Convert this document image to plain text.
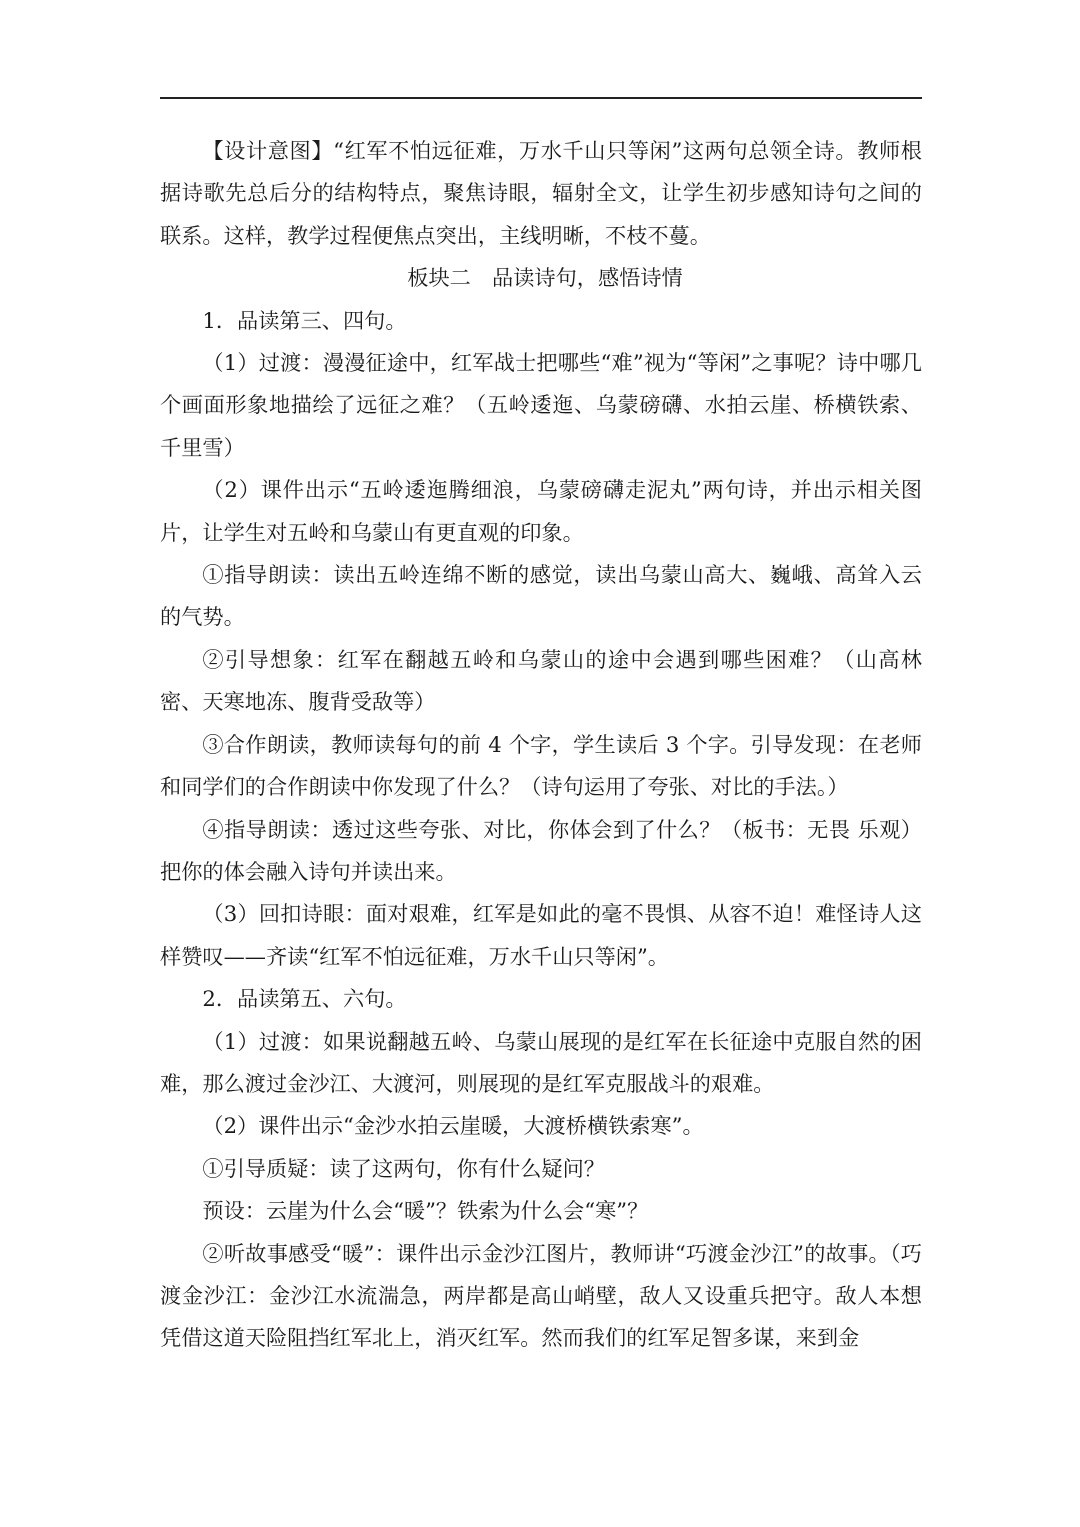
【设计意图】“红军不怕远征难，万水千山只等闲”这两句总领全诗。教师根据诗歌先总后分的结构特点，聚焦诗眼，辐射全文，让学生初步感知诗句之间的联系。这样，教学过程便焦点突出，主线明晰，不枝不蔓。

板块二　品读诗句，感悟诗情

1．品读第三、四句。

（1）过渡：漫漫征途中，红军战士把哪些“难”视为“等闲”之事呢？诗中哪几个画面形象地描绘了远征之难？（五岭逶迤、乌蒙磅礴、水拍云崖、桥横铁索、千里雪）

（2）课件出示“五岭逶迤腾细浪，乌蒙磅礴走泥丸”两句诗，并出示相关图片，让学生对五岭和乌蒙山有更直观的印象。

①指导朗读：读出五岭连绵不断的感觉，读出乌蒙山高大、巍峨、高耸入云的气势。

②引导想象：红军在翻越五岭和乌蒙山的途中会遇到哪些困难？（山高林密、天寒地冻、腹背受敌等）

③合作朗读，教师读每句的前 4 个字，学生读后 3 个字。引导发现：在老师和同学们的合作朗读中你发现了什么？（诗句运用了夸张、对比的手法。）

④指导朗读：透过这些夸张、对比，你体会到了什么？（板书：无畏 乐观）把你的体会融入诗句并读出来。

（3）回扣诗眼：面对艰难，红军是如此的毫不畏惧、从容不迫！难怪诗人这样赞叹——齐读“红军不怕远征难，万水千山只等闲”。

2．品读第五、六句。

（1）过渡：如果说翻越五岭、乌蒙山展现的是红军在长征途中克服自然的困难，那么渡过金沙江、大渡河，则展现的是红军克服战斗的艰难。

（2）课件出示“金沙水拍云崖暖，大渡桥横铁索寒”。

①引导质疑：读了这两句，你有什么疑问？

预设：云崖为什么会“暖”？铁索为什么会“寒”？

②听故事感受“暖”：课件出示金沙江图片，教师讲“巧渡金沙江”的故事。（巧渡金沙江：金沙江水流湍急，两岸都是高山峭壁，敌人又设重兵把守。敌人本想凭借这道天险阻挡红军北上，消灭红军。然而我们的红军足智多谋，来到金
